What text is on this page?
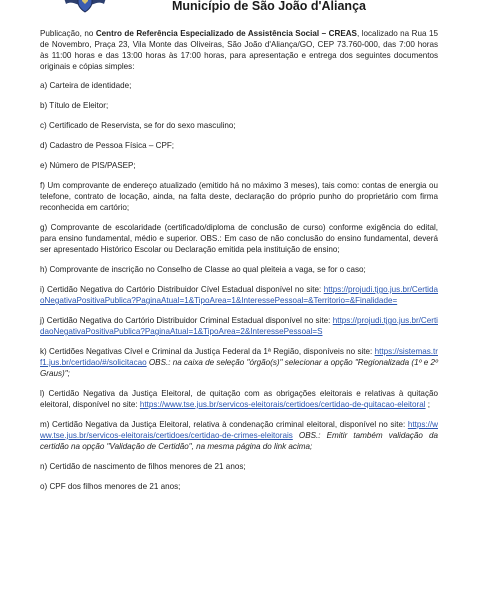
Município de São João d'Aliança

Publicação, no Centro de Referência Especializado de Assistência Social – CREAS, localizado na Rua 15 de Novembro, Praça 23, Vila Monte das Oliveiras, São João d'Aliança/GO, CEP 73.760-000, das 7:00 horas às 11:00 horas e das 13:00 horas às 17:00 horas, para apresentação e entrega dos seguintes documentos originais e cópias simples:

a) Carteira de identidade;

b) Título de Eleitor;

c) Certificado de Reservista, se for do sexo masculino;

d) Cadastro de Pessoa Física – CPF;

e) Número de PIS/PASEP;

f) Um comprovante de endereço atualizado (emitido há no máximo 3 meses), tais como: contas de energia ou telefone, contrato de locação, ainda, na falta deste, declaração do próprio punho do proprietário com firma reconhecida em cartório;

g) Comprovante de escolaridade (certificado/diploma de conclusão de curso) conforme exigência do edital, para ensino fundamental, médio e superior. OBS.: Em caso de não conclusão do ensino fundamental, deverá ser apresentado Histórico Escolar ou Declaração emitida pela instituição de ensino;

h) Comprovante de inscrição no Conselho de Classe ao qual pleiteia a vaga, se for o caso;

i) Certidão Negativa do Cartório Distribuidor Cível Estadual disponível no site: https://projudi.tjgo.jus.br/CertidaoNegativaPositivaPublica?PaginaAtual=1&TipoArea=1&InteressePessoal=&Territorio=&Finalidade=

j) Certidão Negativa do Cartório Distribuidor Criminal Estadual disponível no site: https://projudi.tjgo.jus.br/CertidaoNegativaPositivaPublica?PaginaAtual=1&TipoArea=2&InteressePessoal=S

k) Certidões Negativas Cível e Criminal da Justiça Federal da 1ª Região, disponíveis no site: https://sistemas.trf1.jus.br/certidao/#/solicitacao OBS.: na caixa de seleção "órgão(s)" selecionar a opção "Regionalizada (1º e 2º Graus)";

l) Certidão Negativa da Justiça Eleitoral, de quitação com as obrigações eleitorais e relativas à quitação eleitoral, disponível no site: https://www.tse.jus.br/servicos-eleitorais/certidoes/certidao-de-quitacao-eleitoral ;

m) Certidão Negativa da Justiça Eleitoral, relativa à condenação criminal eleitoral, disponível no site: https://www.tse.jus.br/servicos-eleitorais/certidoes/certidao-de-crimes-eleitorais OBS.: Emitir também validação da certidão na opção "Validação de Certidão", na mesma página do link acima;

n) Certidão de nascimento de filhos menores de 21 anos;

o) CPF dos filhos menores de 21 anos;
